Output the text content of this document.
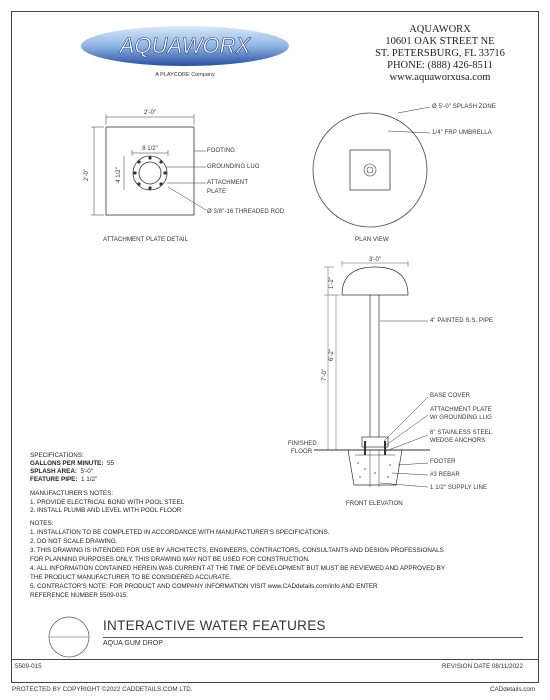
AQUAWORX
A PLAYCORE Company
AQUAWORX
10601 OAK STREET NE
ST. PETERSBURG, FL 33716
PHONE: (888) 426-8511
www.aquaworxusa.com
2'-0"
8 1/2"
2'-0"	4 1/2"
FOOTING
GROUNDING LUG
ATTACHMENT
PLATE
Ø 3/8"-16 THREADED ROD
ATTACHMENT PLATE DETAIL
Ø 5'-0" SPLASH ZONE
1/4" FRP UMBRELLA
PLAN VIEW
3'-0"
1'-2"
6'-2"
7'-0"
4" PAINTED S.S. PIPE
BASE COVER
ATTACHMENT PLATE
W/ GROUNDING LUG
6" STAINLESS STEEL
WEDGE ANCHORS
FOOTER
#3 REBAR
1 1/2" SUPPLY LINE
FINISHED
FLOOR
FRONT ELEVATION
SPECIFICATIONS:
GALLONS PER MINUTE: 55
SPLASH AREA: 5'-0"
FEATURE PIPE: 1 1/2"
MANUFACTURER'S NOTES:
1. PROVIDE ELECTRICAL BOND WITH POOL STEEL
2. INSTALL PLUMB AND LEVEL WITH POOL FLOOR
NOTES:
1. INSTALLATION TO BE COMPLETED IN ACCORDANCE WITH MANUFACTURER'S SPECIFICATIONS.
2. DO NOT SCALE DRAWING.
3. THIS DRAWING IS INTENDED FOR USE BY ARCHITECTS, ENGINEERS, CONTRACTORS, CONSULTANTS AND DESIGN PROFESSIONALS
FOR PLANNING PURPOSES ONLY. THIS DRAWING MAY NOT BE USED FOR CONSTRUCTION.
4. ALL INFORMATION CONTAINED HEREIN WAS CURRENT AT THE TIME OF DEVELOPMENT BUT MUST BE REVIEWED AND APPROVED BY
THE PRODUCT MANUFACTURER TO BE CONSIDERED ACCURATE.
5. CONTRACTOR'S NOTE: FOR PRODUCT AND COMPANY INFORMATION VISIT www.CADdetails.com/info AND ENTER
REFERENCE NUMBER 5509-015.
INTERACTIVE WATER FEATURES
AQUA GUM DROP
5509-015	REVISION DATE 08/11/2022
PROTECTED BY COPYRIGHT ©2022 CADDETAILS.COM LTD.	CADdetails.com
